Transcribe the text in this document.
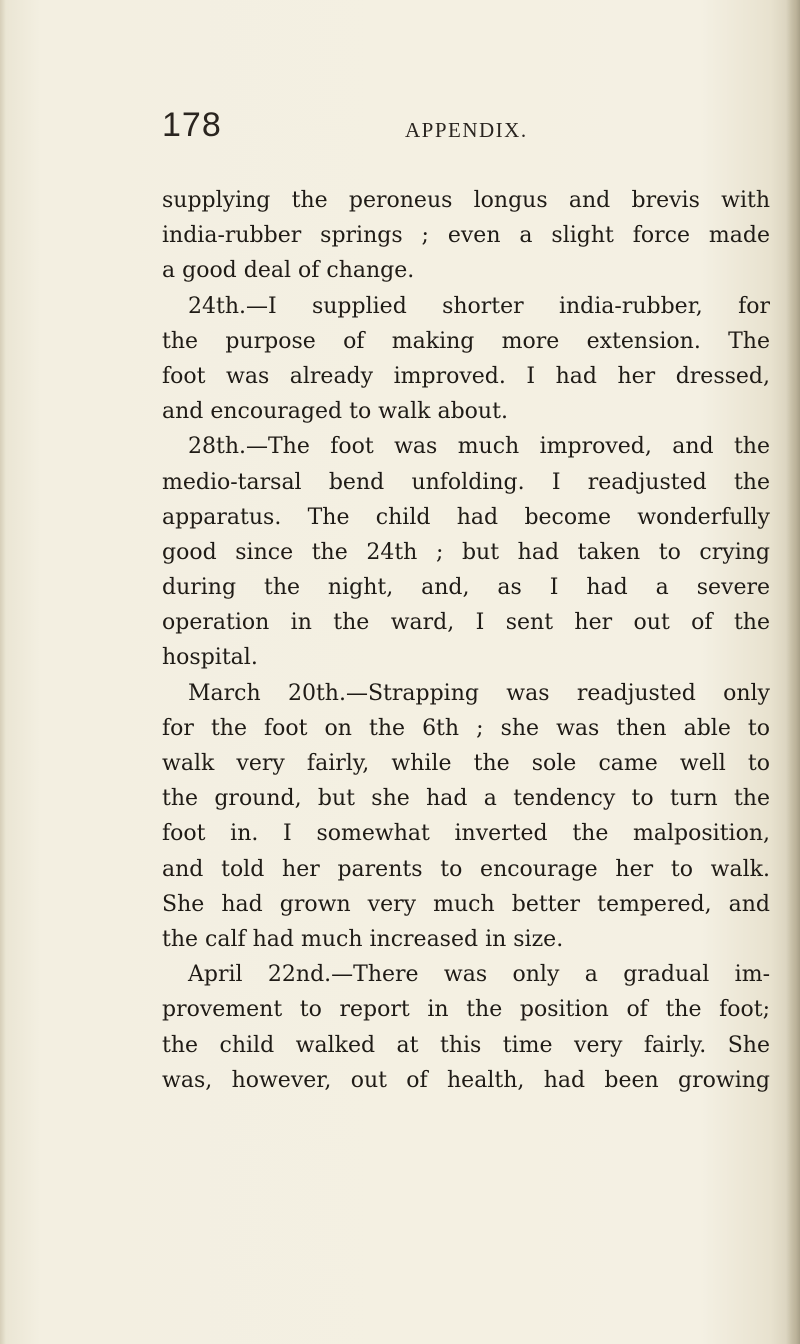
178	APPENDIX.
supplying the peroneus longus and brevis with
india-rubber springs ; even a slight force made
a good deal of change.
24th.—I supplied shorter india-rubber, for
the purpose of making more extension. The
foot was already improved. I had her dressed,
and encouraged to walk about.
28th.—The foot was much improved, and the
medio-tarsal bend unfolding. I readjusted the
apparatus. The child had become wonderfully
good since the 24th ; but had taken to crying
during the night, and, as I had a severe
operation in the ward, I sent her out of the
hospital.
March 20th.—Strapping was readjusted only
for the foot on the 6th ; she was then able to
walk very fairly, while the sole came well to
the ground, but she had a tendency to turn the
foot in. I somewhat inverted the malposition,
and told her parents to encourage her to walk.
She had grown very much better tempered, and
the calf had much increased in size.
April 22nd.—There was only a gradual im-
provement to report in the position of the foot;
the child walked at this time very fairly. She
was, however, out of health, had been growing
